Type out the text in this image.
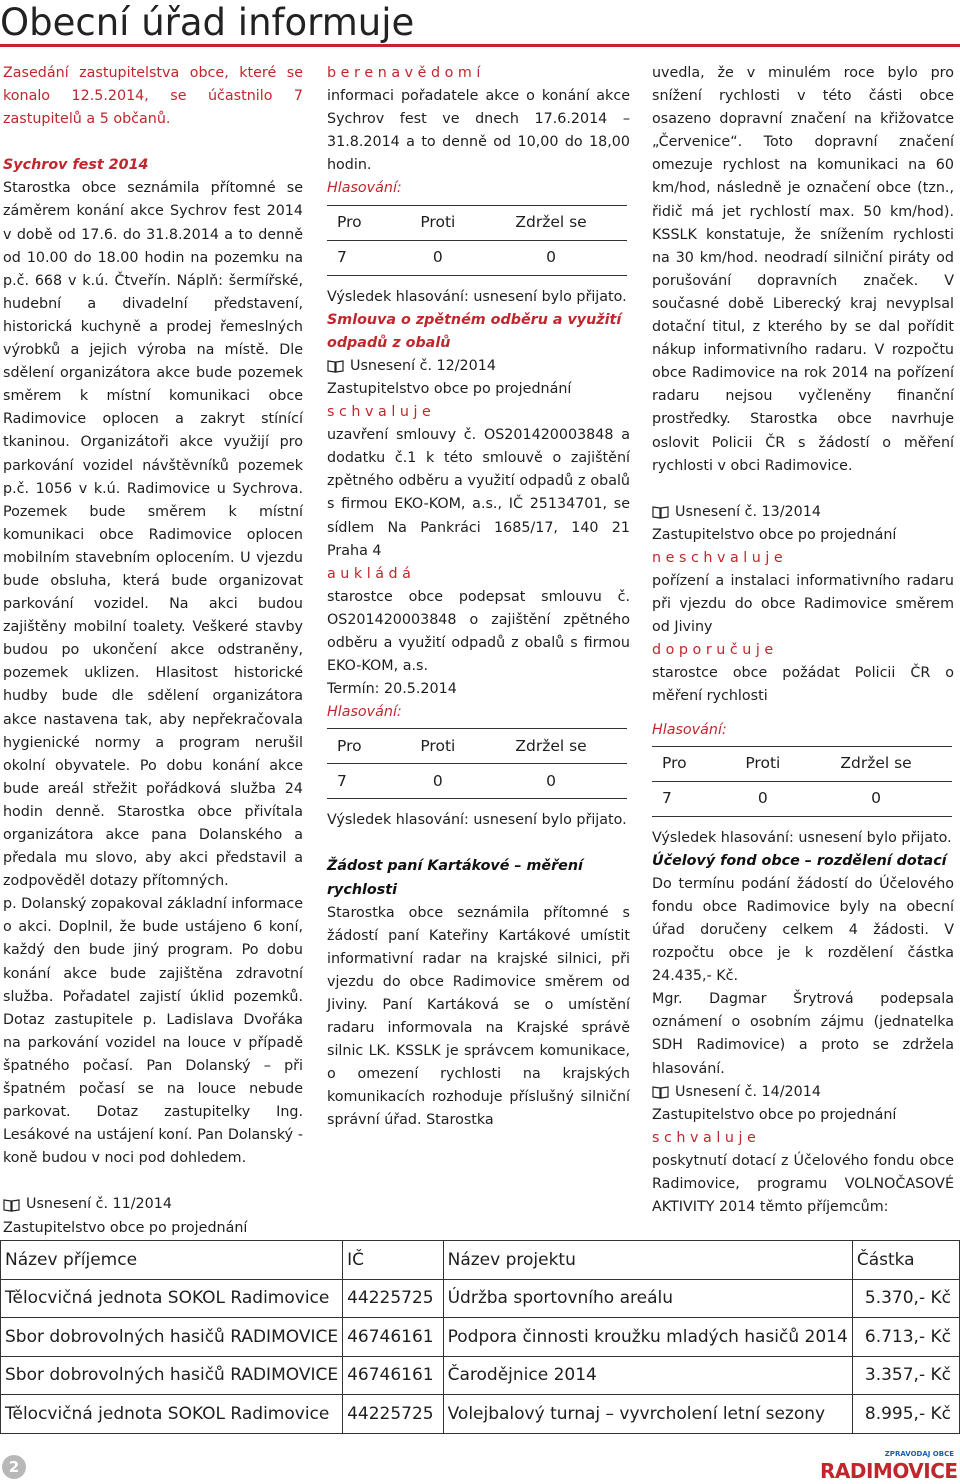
Obecní úřad informuje

Zasedání zastupitelstva obce, které se konalo 12.5.2014, se účastnilo 7 zastupitelů a 5 občanů.

Sychrov fest 2014

Starostka obce seznámila přítomné se záměrem konání akce Sychrov fest 2014 v době od 17.6. do 31.8.2014 a to denně od 10.00 do 18.00 hodin na pozemku na p.č. 668 v k.ú. Čtveřín. Náplň: šermířské, hudební a divadelní představení, historická kuchyně a prodej řemeslných výrobků a jejich výroba na místě. Dle sdělení organizátora akce bude pozemek směrem k místní komunikaci obce Radimovice oplocen a zakryt stínící tkaninou. Organizátoři akce využijí pro parkování vozidel návštěvníků pozemek p.č. 1056 v k.ú. Radimovice u Sychrova. Pozemek bude směrem k místní komunikaci obce Radimovice oplocen mobilním stavebním oplocením. U vjezdu bude obsluha, která bude organizovat parkování vozidel. Na akci budou zajištěny mobilní toalety. Veškeré stavby budou po ukončení akce odstraněny, pozemek uklizen. Hlasitost historické hudby bude dle sdělení organizátora akce nastavena tak, aby nepřekračovala hygienické normy a program nerušil okolní obyvatele. Po dobu konání akce bude areál střežit pořádková služba 24 hodin denně. Starostka obce přivítala organizátora akce pana Dolanského a předala mu slovo, aby akci představil a zodpověděl dotazy přítomných.

p. Dolanský zopakoval základní informace o akci. Doplnil, že bude ustájeno 6 koní, každý den bude jiný program. Po dobu konání akce bude zajištěna zdravotní služba. Pořadatel zajistí úklid pozemků. Dotaz zastupitele p. Ladislava Dvořáka na parkování vozidel na louce v případě špatného počasí. Pan Dolanský – při špatném počasí se na louce nebude parkovat. Dotaz zastupitelky Ing. Lesákové na ustájení koní. Pan Dolanský - koně budou v noci pod dohledem.

Usnesení č. 11/2014

Zastupitelstvo obce po projednání

b e r e n a v ě d o m í

informaci pořadatele akce o konání akce Sychrov fest ve dnech 17.6.2014 – 31.8.2014 a to denně od 10,00 do 18,00 hodin.

Hlasování:

Pro	Proti	Zdržel se
7	0	0

Výsledek hlasování: usnesení bylo přijato.

Smlouva o zpětném odběru a využití odpadů z obalů

Usnesení č. 12/2014

Zastupitelstvo obce po projednání

s c h v a l u j e

uzavření smlouvy č. OS201420003848 a dodatku č.1 k této smlouvě o zajištění zpětného odběru a využití odpadů z obalů s firmou EKO-KOM, a.s., IČ 25134701, se sídlem Na Pankráci 1685/17, 140 21 Praha 4

a u k l á d á

starostce obce podepsat smlouvu č. OS201420003848 o zajištění zpětného odběru a využití odpadů z obalů s firmou EKO-KOM, a.s.

Termín: 20.5.2014

Hlasování:

Pro	Proti	Zdržel se
7	0	0

Výsledek hlasování: usnesení bylo přijato.

Žádost paní Kartákové – měření rychlosti

Starostka obce seznámila přítomné s žádostí paní Kateřiny Kartákové umístit informativní radar na krajské silnici, při vjezdu do obce Radimovice směrem od Jiviny. Paní Kartáková se o umístění radaru informovala na Krajské správě silnic LK. KSSLK je správcem komunikace, o omezení rychlosti na krajských komunikacích rozhoduje příslušný silniční správní úřad. Starostka

uvedla, že v minulém roce bylo pro snížení rychlosti v této části obce osazeno dopravní značení na křižovatce „Červenice“. Toto dopravní značení omezuje rychlost na komunikaci na 60 km/hod, následně je označení obce (tzn., řidič má jet rychlostí max. 50 km/hod). KSSLK konstatuje, že snížením rychlosti na 30 km/hod. neodradí silniční piráty od porušování dopravních značek. V současné době Liberecký kraj nevyplsal dotační titul, z kterého by se dal pořídit nákup informativního radaru. V rozpočtu obce Radimovice na rok 2014 na pořízení radaru nejsou vyčleněny finanční prostředky. Starostka obce navrhuje oslovit Policii ČR s žádostí o měření rychlosti v obci Radimovice.

Usnesení č. 13/2014

Zastupitelstvo obce po projednání

n e s c h v a l u j e

pořízení a instalaci informativního radaru při vjezdu do obce Radimovice směrem od Jiviny

d o p o r u č u j e

starostce obce požádat Policii ČR o měření rychlosti

Hlasování:

Pro	Proti	Zdržel se
7	0	0

Výsledek hlasování: usnesení bylo přijato.

Účelový fond obce – rozdělení dotací

Do termínu podání žádostí do Účelového fondu obce Radimovice byly na obecní úřad doručeny celkem 4 žádosti. V rozpočtu obce je k rozdělení částka 24.435,- Kč.

Mgr. Dagmar Šrytrová podepsala oznámení o osobním zájmu (jednatelka SDH Radimovice) a proto se zdržela hlasování.

Usnesení č. 14/2014

Zastupitelstvo obce po projednání

s c h v a l u j e

poskytnutí dotací z Účelového fondu obce Radimovice, programu VOLNOČASOVÉ AKTIVITY 2014 těmto příjemcům:

Název příjemce	IČ	Název projektu	Částka
Tělocvičná jednota SOKOL Radimovice	44225725	Údržba sportovního areálu	5.370,- Kč
Sbor dobrovolných hasičů RADIMOVICE	46746161	Podpora činnosti kroužku mladých hasičů 2014	6.713,- Kč
Sbor dobrovolných hasičů RADIMOVICE	46746161	Čarodějnice 2014	3.357,- Kč
Tělocvičná jednota SOKOL Radimovice	44225725	Volejbalový turnaj – vyvrcholení letní sezony	8.995,- Kč
2
ZPRAVODAJ OBCE
RADIMOVICE
